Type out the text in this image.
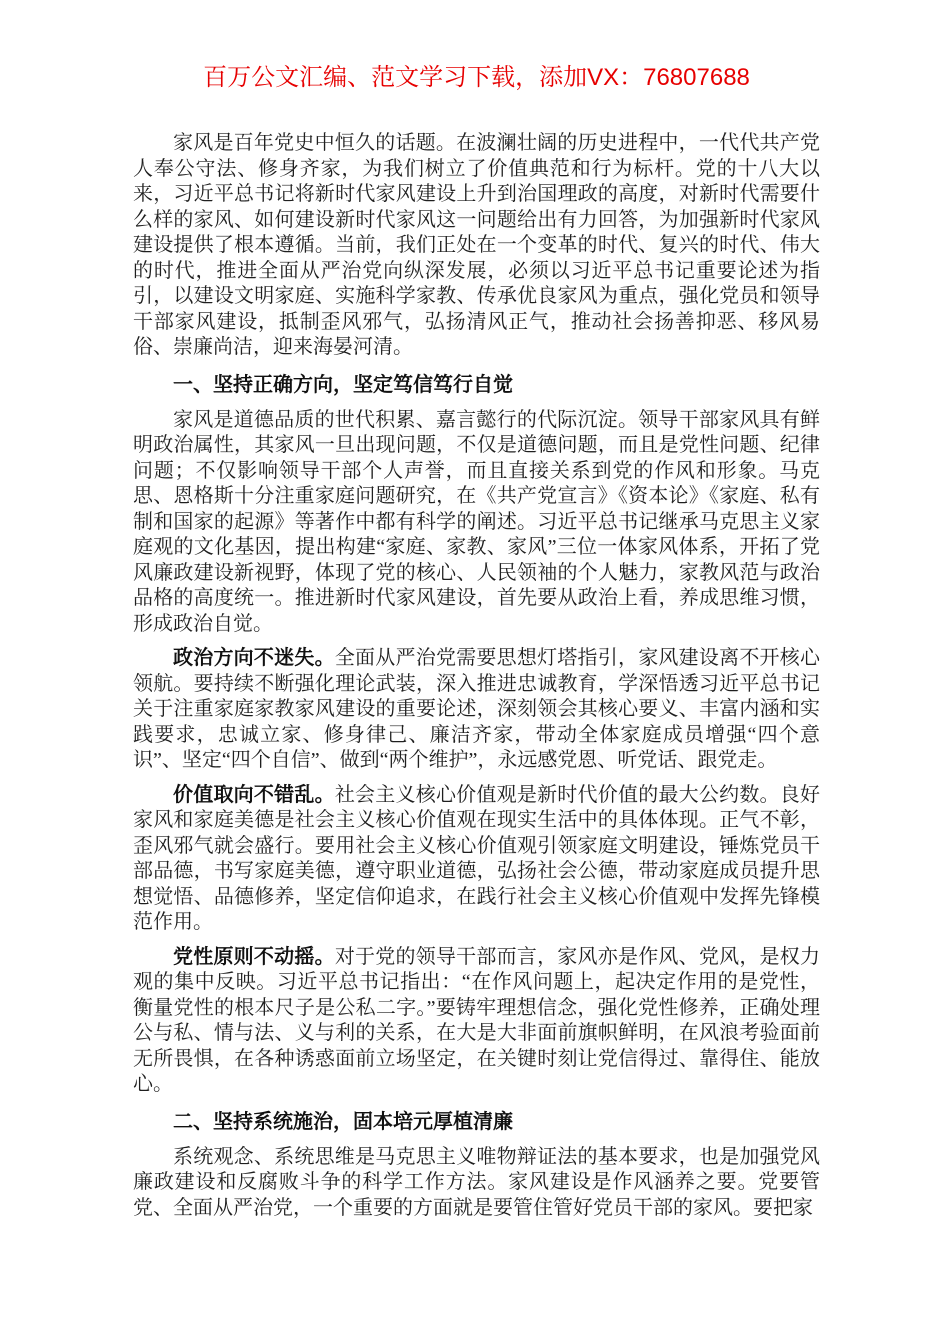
百万公文汇编、范文学习下载，添加VX：76807688

家风是百年党史中恒久的话题。在波澜壮阔的历史进程中，一代代共产党人奉公守法、修身齐家，为我们树立了价值典范和行为标杆。党的十八大以来，习近平总书记将新时代家风建设上升到治国理政的高度，对新时代需要什么样的家风、如何建设新时代家风这一问题给出有力回答，为加强新时代家风建设提供了根本遵循。当前，我们正处在一个变革的时代、复兴的时代、伟大的时代，推进全面从严治党向纵深发展，必须以习近平总书记重要论述为指引，以建设文明家庭、实施科学家教、传承优良家风为重点，强化党员和领导干部家风建设，抵制歪风邪气，弘扬清风正气，推动社会扬善抑恶、移风易俗、崇廉尚洁，迎来海晏河清。

一、坚持正确方向，坚定笃信笃行自觉

家风是道德品质的世代积累、嘉言懿行的代际沉淀。领导干部家风具有鲜明政治属性，其家风一旦出现问题，不仅是道德问题，而且是党性问题、纪律问题；不仅影响领导干部个人声誉，而且直接关系到党的作风和形象。马克思、恩格斯十分注重家庭问题研究，在《共产党宣言》《资本论》《家庭、私有制和国家的起源》等著作中都有科学的阐述。习近平总书记继承马克思主义家庭观的文化基因，提出构建“家庭、家教、家风”三位一体家风体系，开拓了党风廉政建设新视野，体现了党的核心、人民领袖的个人魅力，家教风范与政治品格的高度统一。推进新时代家风建设，首先要从政治上看，养成思维习惯，形成政治自觉。

政治方向不迷失。全面从严治党需要思想灯塔指引，家风建设离不开核心领航。要持续不断强化理论武装，深入推进忠诚教育，学深悟透习近平总书记关于注重家庭家教家风建设的重要论述，深刻领会其核心要义、丰富内涵和实践要求，忠诚立家、修身律己、廉洁齐家，带动全体家庭成员增强“四个意识”、坚定“四个自信”、做到“两个维护”，永远感党恩、听党话、跟党走。

价值取向不错乱。社会主义核心价值观是新时代价值的最大公约数。良好家风和家庭美德是社会主义核心价值观在现实生活中的具体体现。正气不彰，歪风邪气就会盛行。要用社会主义核心价值观引领家庭文明建设，锤炼党员干部品德，书写家庭美德，遵守职业道德，弘扬社会公德，带动家庭成员提升思想觉悟、品德修养，坚定信仰追求，在践行社会主义核心价值观中发挥先锋模范作用。

党性原则不动摇。对于党的领导干部而言，家风亦是作风、党风，是权力观的集中反映。习近平总书记指出：“在作风问题上，起决定作用的是党性，衡量党性的根本尺子是公私二字。”要铸牢理想信念，强化党性修养，正确处理公与私、情与法、义与利的关系，在大是大非面前旗帜鲜明，在风浪考验面前无所畏惧，在各种诱惑面前立场坚定，在关键时刻让党信得过、靠得住、能放心。

二、坚持系统施治，固本培元厚植清廉

系统观念、系统思维是马克思主义唯物辩证法的基本要求，也是加强党风廉政建设和反腐败斗争的科学工作方法。家风建设是作风涵养之要。党要管党、全面从严治党，一个重要的方面就是要管住管好党员干部的家风。要把家
